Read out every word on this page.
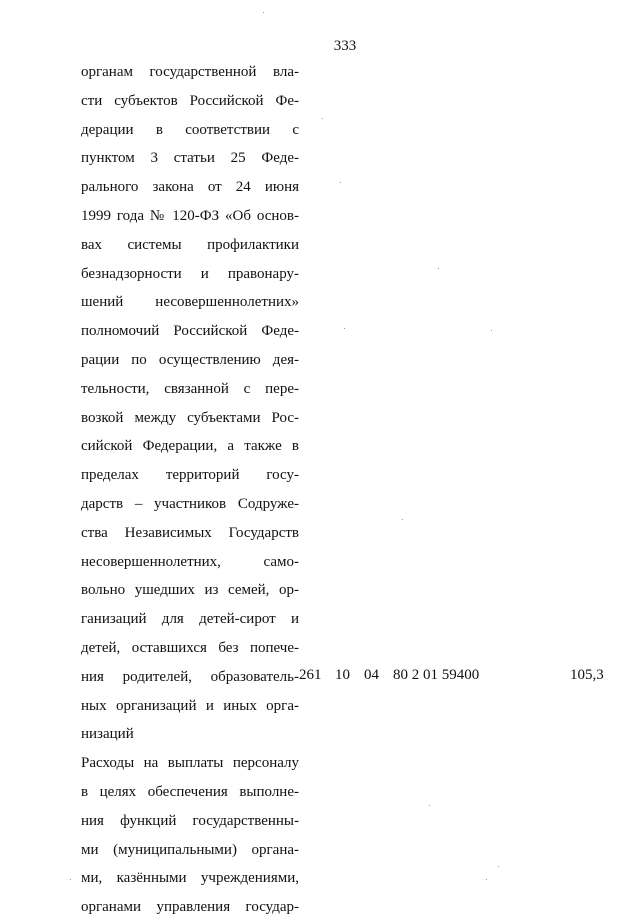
333
органам государственной вла-
сти субъектов Российской Фе-
дерации в соответствии с
пунктом 3 статьи 25 Феде-
рального закона от 24 июня
1999 года № 120-ФЗ «Об основ-
вах системы профилактики
безнадзорности и правонару-
шений несовершеннолетних»
полномочий Российской Феде-
рации по осуществлению дея-
тельности, связанной с пере-
возкой между субъектами Рос-
сийской Федерации, а также в
пределах территорий госу-
дарств – участников Содруже-
ства Независимых Государств
несовершеннолетних, само-
вольно ушедших из семей, ор-
ганизаций для детей-сирот и
детей, оставшихся без попече-
ния родителей, образователь-
ных организаций и иных орга-
низаций
Расходы на выплаты персоналу
в целях обеспечения выполне-
ния функций государственны-
ми (муниципальными) органа-
ми, казёнными учреждениями,
органами управления государ-
261 10 04 80 2 01 59400	105,3
